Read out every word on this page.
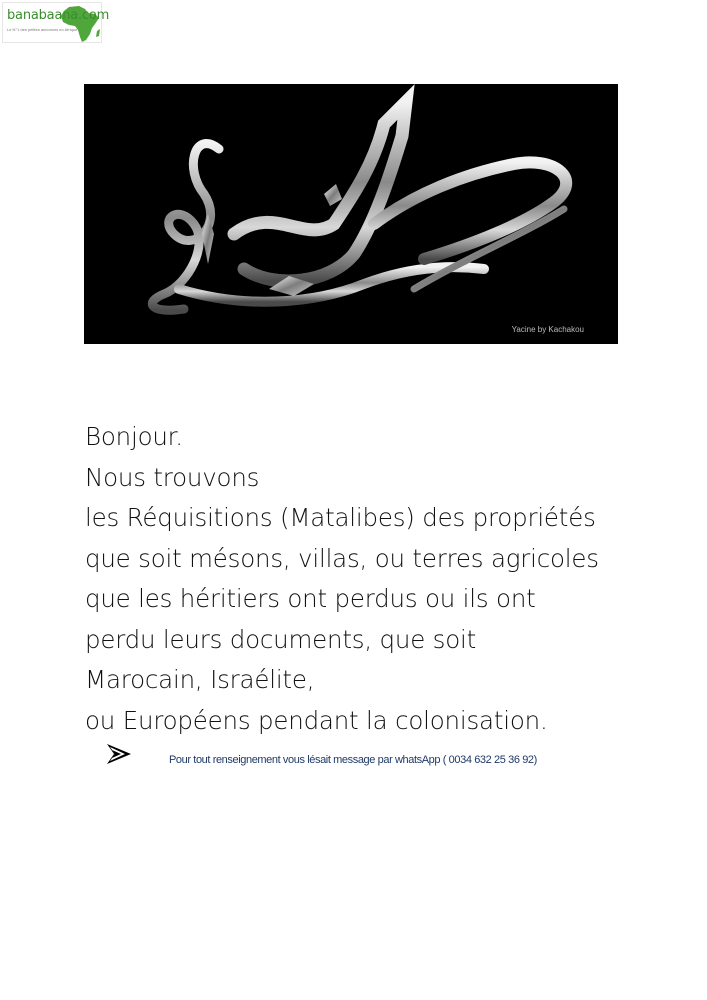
banabaana.com
Le N°1 des petites annonces en Afrique
Yacine by Kachakou
Bonjour.
Nous trouvons
les Réquisitions (Matalibes) des propriétés
que soit mésons, villas, ou terres agricoles
que les héritiers ont perdus ou ils ont
perdu leurs documents, que soit
Marocain, Israélite,
ou Européens pendant la colonisation.
Pour tout renseignement vous lésait message par whatsApp ( 0034 632 25 36 92)
